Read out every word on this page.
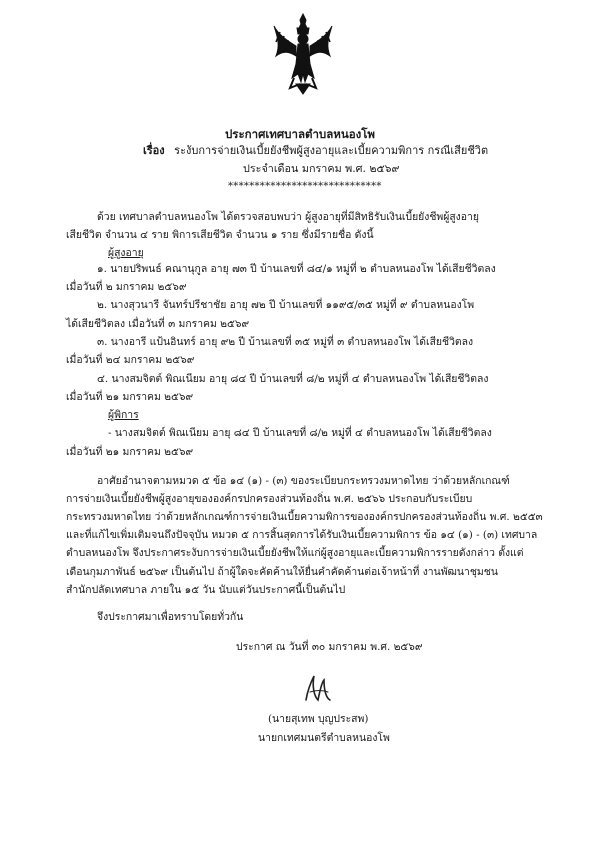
ประกาศเทศบาลตำบลหนองโพ
เรื่อง ระงับการจ่ายเงินเบี้ยยังชีพผู้สูงอายุและเบี้ยความพิการ กรณีเสียชีวิต
ประจำเดือน มกราคม พ.ศ. ๒๕๖๙
*****************************
ด้วย เทศบาลตำบลหนองโพ ได้ตรวจสอบพบว่า ผู้สูงอายุที่มีสิทธิรับเงินเบี้ยยังชีพผู้สูงอายุ
เสียชีวิต จำนวน ๔ ราย พิการเสียชีวิต จำนวน ๑ ราย ซึ่งมีรายชื่อ ดังนี้
ผู้สูงอายุ
๑. นายปริพนธ์ คณานุกูล อายุ ๗๓ ปี บ้านเลขที่ ๘๔/๑ หมู่ที่ ๒ ตำบลหนองโพ ได้เสียชีวิตลง
เมื่อวันที่ ๒ มกราคม ๒๕๖๙
๒. นางสุวนารี จันทร์ปรีชาชัย อายุ ๗๒ ปี บ้านเลขที่ ๑๑๙๕/๓๕ หมู่ที่ ๙ ตำบลหนองโพ
ได้เสียชีวิตลง เมื่อวันที่ ๓ มกราคม ๒๕๖๙
๓. นางอารี แป้นอินทร์ อายุ ๙๒ ปี บ้านเลขที่ ๓๕ หมู่ที่ ๓ ตำบลหนองโพ ได้เสียชีวิตลง
เมื่อวันที่ ๒๔ มกราคม ๒๕๖๙
๔. นางสมจิตต์ พิณเนียม อายุ ๘๔ ปี บ้านเลขที่ ๘/๒ หมู่ที่ ๔ ตำบลหนองโพ ได้เสียชีวิตลง
เมื่อวันที่ ๒๑ มกราคม ๒๕๖๙
ผู้พิการ
- นางสมจิตต์ พิณเนียม อายุ ๘๔ ปี บ้านเลขที่ ๘/๒ หมู่ที่ ๔ ตำบลหนองโพ ได้เสียชีวิตลง
เมื่อวันที่ ๒๑ มกราคม ๒๕๖๙
อาศัยอำนาจตามหมวด ๕ ข้อ ๑๔ (๑) - (๓) ของระเบียบกระทรวงมหาดไทย ว่าด้วยหลักเกณฑ์
การจ่ายเงินเบี้ยยังชีพผู้สูงอายุขององค์กรปกครองส่วนท้องถิ่น พ.ศ. ๒๕๖๖ ประกอบกับระเบียบ
กระทรวงมหาดไทย ว่าด้วยหลักเกณฑ์การจ่ายเงินเบี้ยความพิการขององค์กรปกครองส่วนท้องถิ่น พ.ศ. ๒๕๕๓
และที่แก้ไขเพิ่มเติมจนถึงปัจจุบัน หมวด ๕ การสิ้นสุดการได้รับเงินเบี้ยความพิการ ข้อ ๑๔ (๑) - (๓) เทศบาล
ตำบลหนองโพ จึงประกาศระงับการจ่ายเงินเบี้ยยังชีพให้แก่ผู้สูงอายุและเบี้ยความพิการรายดังกล่าว ตั้งแต่
เดือนกุมภาพันธ์ ๒๕๖๙ เป็นต้นไป ถ้าผู้ใดจะคัดค้านให้ยื่นคำคัดค้านต่อเจ้าหน้าที่ งานพัฒนาชุมชน
สำนักปลัดเทศบาล ภายใน ๑๕ วัน นับแต่วันประกาศนี้เป็นต้นไป
จึงประกาศมาเพื่อทราบโดยทั่วกัน
ประกาศ ณ วันที่ ๓๐ มกราคม พ.ศ. ๒๕๖๙
(นายสุเทพ บุญประสพ)
นายกเทศมนตรีตำบลหนองโพ
